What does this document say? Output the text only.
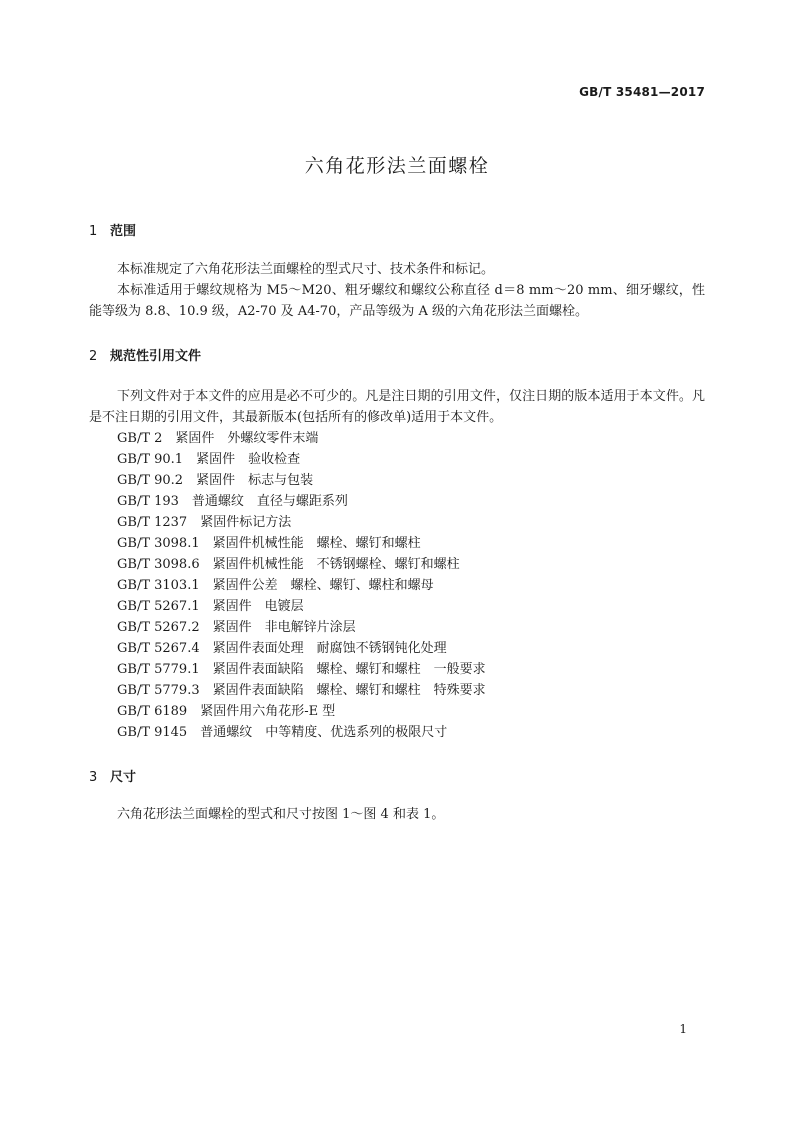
GB/T 35481—2017
六角花形法兰面螺栓
1 范围

本标准规定了六角花形法兰面螺栓的型式尺寸、技术条件和标记。

本标准适用于螺纹规格为 M5～M20、粗牙螺纹和螺纹公称直径 d＝8 mm～20 mm、细牙螺纹，性能等级为 8.8、10.9 级，A2-70 及 A4-70，产品等级为 A 级的六角花形法兰面螺栓。

2 规范性引用文件

下列文件对于本文件的应用是必不可少的。凡是注日期的引用文件，仅注日期的版本适用于本文件。凡是不注日期的引用文件，其最新版本(包括所有的修改单)适用于本文件。

GB/T 2　紧固件　外螺纹零件末端
GB/T 90.1　紧固件　验收检查
GB/T 90.2　紧固件　标志与包装
GB/T 193　普通螺纹　直径与螺距系列
GB/T 1237　紧固件标记方法
GB/T 3098.1　紧固件机械性能　螺栓、螺钉和螺柱
GB/T 3098.6　紧固件机械性能　不锈钢螺栓、螺钉和螺柱
GB/T 3103.1　紧固件公差　螺栓、螺钉、螺柱和螺母
GB/T 5267.1　紧固件　电镀层
GB/T 5267.2　紧固件　非电解锌片涂层
GB/T 5267.4　紧固件表面处理　耐腐蚀不锈钢钝化处理
GB/T 5779.1　紧固件表面缺陷　螺栓、螺钉和螺柱　一般要求
GB/T 5779.3　紧固件表面缺陷　螺栓、螺钉和螺柱　特殊要求
GB/T 6189　紧固件用六角花形-E 型
GB/T 9145　普通螺纹　中等精度、优选系列的极限尺寸
3 尺寸

六角花形法兰面螺栓的型式和尺寸按图 1～图 4 和表 1。

1
